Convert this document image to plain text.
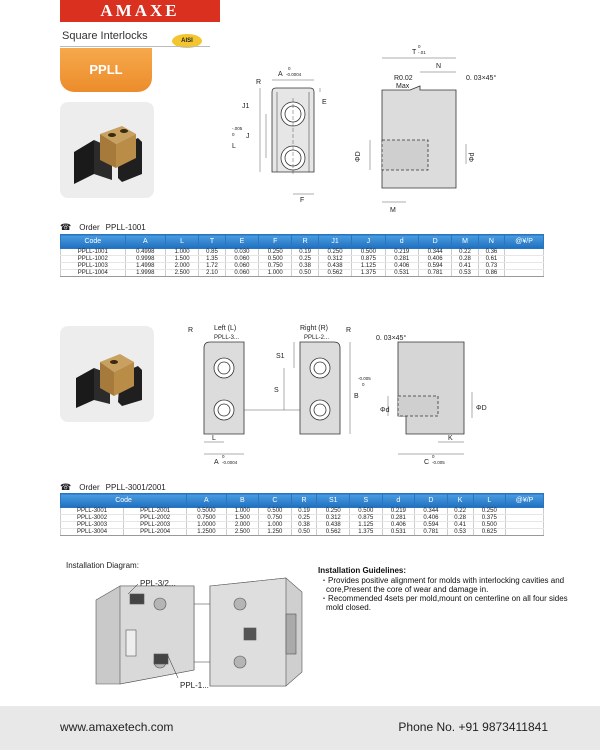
AMAXE
Square Interlocks	AISI
PPLL
R
A
0
-0.0004
J1
E
J
L
0
-.005
F
T
0
-.01
N
R0.02
Max
0. 03×45°
ΦD	Φd
M
☎ Order PPLL-1001
Code	A	L	T	E	F	R	J1	J	d	D	M	N	@¥/P
PPLL-1001	0.4998	1.000	0.85	0.030	0.250	0.19	0.250	0.500	0.219	0.344	0.22	0.36	
PPLL-1002	0.9998	1.500	1.35	0.060	0.500	0.25	0.312	0.875	0.281	0.406	0.28	0.61	
PPLL-1003	1.4998	2.000	1.72	0.060	0.750	0.38	0.438	1.125	0.406	0.594	0.41	0.73	
PPLL-1004	1.9998	2.500	2.10	0.060	1.000	0.50	0.562	1.375	0.531	0.781	0.53	0.86	
Left (L)
PPLL-3...
Right (R)
PPLL-2...
R	R
S1
S
B
0
-0.005
L
A
0
-0.0004
0. 03×45°
Φd	ΦD
K
C
0
-0.005
☎ Order PPLL-3001/2001
Code		A	B	C	R	S1	S	d	D	K	L	@¥/P
PPLL-3001	PPLL-2001	0.5000	1.000	0.500	0.19	0.250	0.500	0.219	0.344	0.22	0.250	
PPLL-3002	PPLL-2002	0.7500	1.500	0.750	0.25	0.312	0.875	0.281	0.406	0.28	0.375	
PPLL-3003	PPLL-2003	1.0000	2.000	1.000	0.38	0.438	1.125	0.406	0.594	0.41	0.500	
PPLL-3004	PPLL-2004	1.2500	2.500	1.250	0.50	0.562	1.375	0.531	0.781	0.53	0.625	
Installation Diagram:
PPL-3/2...
PPL-1...
Installation Guidelines:
・Provides positive alignment for molds with interlocking cavities and core,Present the core of wear and damage in.
・Recommended 4sets per mold,mount on centerline on all four sides mold closed.
www.amaxetech.com	Phone No. +91 9873411841
